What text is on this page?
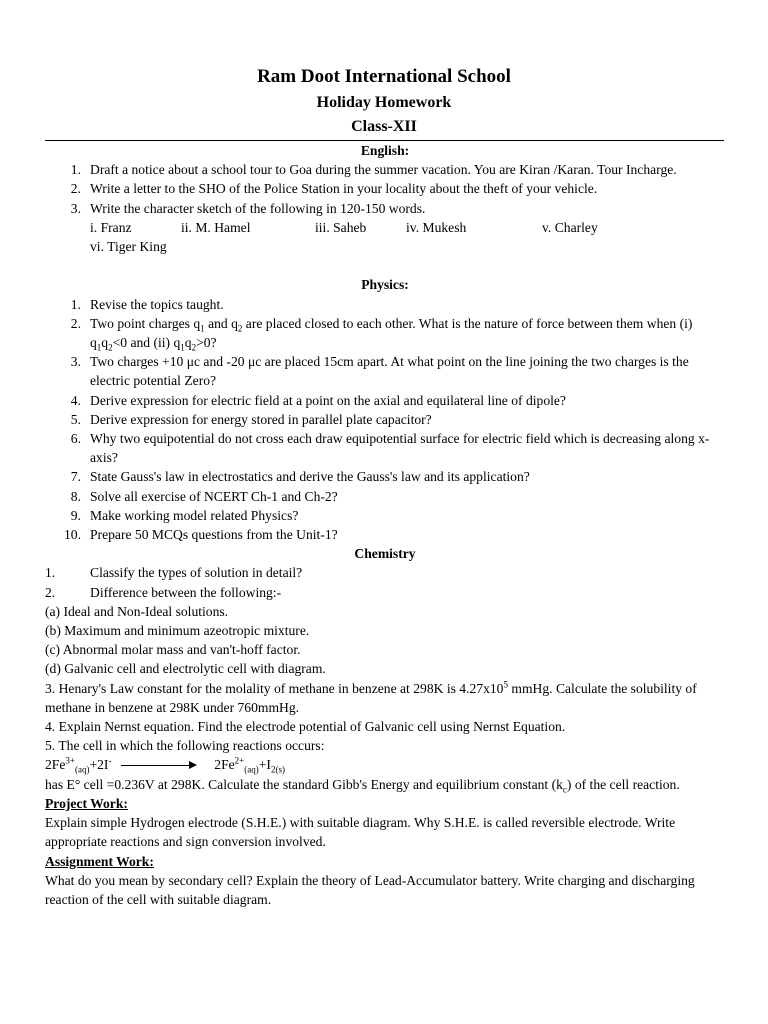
Ram Doot International School
Holiday Homework
Class-XII
English:
1. Draft a notice about a school tour to Goa during the summer vacation. You are Kiran /Karan. Tour Incharge.
2. Write a letter to the SHO of the Police Station in your locality about the theft of your vehicle.
3. Write the character sketch of the following in 120-150 words.
i. Franz	ii. M. Hamel	iii. Saheb	iv. Mukesh	v. Charley
vi. Tiger King
Physics:
1. Revise the topics taught.
2. Two point charges $q_1$ and $q_2$ are placed closed to each other. What is the nature of force between them when (i) $q_1q_2<0$ and (ii) $q_1q_2>0$?
3. Two charges +10 μc and -20 μc are placed 15cm apart. At what point on the line joining the two charges is the electric potential Zero?
4. Derive expression for electric field at a point on the axial and equilateral line of dipole?
5. Derive expression for energy stored in parallel plate capacitor?
6. Why two equipotential do not cross each draw equipotential surface for electric field which is decreasing along x-axis?
7. State Gauss's law in electrostatics and derive the Gauss's law and its application?
8. Solve all exercise of NCERT Ch-1 and Ch-2?
9. Make working model related Physics?
10. Prepare 50 MCQs questions from the Unit-1?
Chemistry

1.	Classify the types of solution in detail?

2.	Difference between the following:-

(a) Ideal and Non-Ideal solutions.

(b) Maximum and minimum azeotropic mixture.

(c) Abnormal molar mass and van't-hoff factor.

(d) Galvanic cell and electrolytic cell with diagram.

3. Henary's Law constant for the molality of methane in benzene at 298K is $4.27x10^5$ mmHg. Calculate the solubility of methane in benzene at 298K under 760mmHg.

4. Explain Nernst equation. Find the electrode potential of Galvanic cell using Nernst Equation.

5. The cell in which the following reactions occurs:

$2Fe^{3+}_{(aq)}+2I^-$	$2Fe^{2+}_{(aq)}+I_{2(s)}$

has E° cell =0.236V at 298K. Calculate the standard Gibb's Energy and equilibrium constant $(k_c)$ of the cell reaction.

Project Work:

Explain simple Hydrogen electrode (S.H.E.) with suitable diagram. Why S.H.E. is called reversible electrode. Write appropriate reactions and sign conversion involved.

Assignment Work:

What do you mean by secondary cell? Explain the theory of Lead-Accumulator battery. Write charging and discharging reaction of the cell with suitable diagram.
